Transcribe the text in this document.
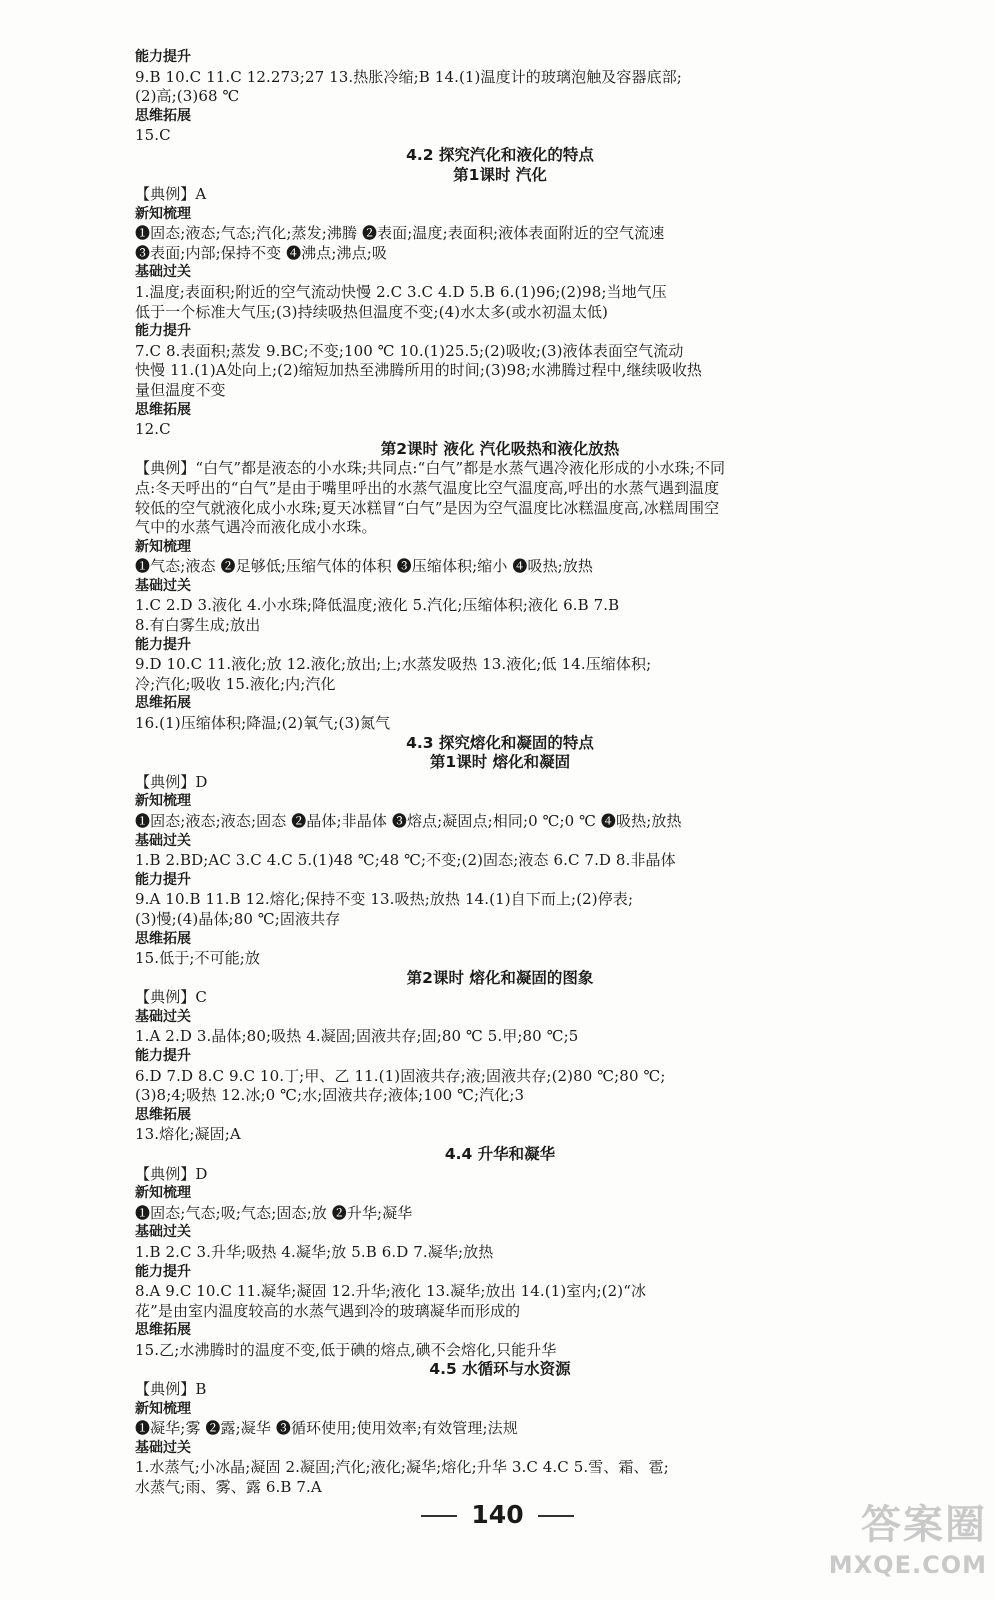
能力提升
9.B 10.C 11.C 12.273;27 13.热胀冷缩;B 14.(1)温度计的玻璃泡触及容器底部;
(2)高;(3)68 ℃
思维拓展
15.C
4.2 探究汽化和液化的特点
第1课时 汽化
【典例】A
新知梳理
❶固态;液态;气态;汽化;蒸发;沸腾 ❷表面;温度;表面积;液体表面附近的空气流速
❸表面;内部;保持不变 ❹沸点;沸点;吸
基础过关
1.温度;表面积;附近的空气流动快慢 2.C 3.C 4.D 5.B 6.(1)96;(2)98;当地气压
低于一个标准大气压;(3)持续吸热但温度不变;(4)水太多(或水初温太低)
能力提升
7.C 8.表面积;蒸发 9.BC;不变;100 ℃ 10.(1)25.5;(2)吸收;(3)液体表面空气流动
快慢 11.(1)A处向上;(2)缩短加热至沸腾所用的时间;(3)98;水沸腾过程中,继续吸收热
量但温度不变
思维拓展
12.C
第2课时 液化 汽化吸热和液化放热
【典例】“白气”都是液态的小水珠;共同点:“白气”都是水蒸气遇冷液化形成的小水珠;不同
点:冬天呼出的“白气”是由于嘴里呼出的水蒸气温度比空气温度高,呼出的水蒸气遇到温度
较低的空气就液化成小水珠;夏天冰糕冒“白气”是因为空气温度比冰糕温度高,冰糕周围空
气中的水蒸气遇冷而液化成小水珠。
新知梳理
❶气态;液态 ❷足够低;压缩气体的体积 ❸压缩体积;缩小 ❹吸热;放热
基础过关
1.C 2.D 3.液化 4.小水珠;降低温度;液化 5.汽化;压缩体积;液化 6.B 7.B
8.有白雾生成;放出
能力提升
9.D 10.C 11.液化;放 12.液化;放出;上;水蒸发吸热 13.液化;低 14.压缩体积;
冷;汽化;吸收 15.液化;内;汽化
思维拓展
16.(1)压缩体积;降温;(2)氧气;(3)氮气
4.3 探究熔化和凝固的特点
第1课时 熔化和凝固
【典例】D
新知梳理
❶固态;液态;液态;固态 ❷晶体;非晶体 ❸熔点;凝固点;相同;0 ℃;0 ℃ ❹吸热;放热
基础过关
1.B 2.BD;AC 3.C 4.C 5.(1)48 ℃;48 ℃;不变;(2)固态;液态 6.C 7.D 8.非晶体
能力提升
9.A 10.B 11.B 12.熔化;保持不变 13.吸热;放热 14.(1)自下而上;(2)停表;
(3)慢;(4)晶体;80 ℃;固液共存
思维拓展
15.低于;不可能;放
第2课时 熔化和凝固的图象
【典例】C
基础过关
1.A 2.D 3.晶体;80;吸热 4.凝固;固液共存;固;80 ℃ 5.甲;80 ℃;5
能力提升
6.D 7.D 8.C 9.C 10.丁;甲、乙 11.(1)固液共存;液;固液共存;(2)80 ℃;80 ℃;
(3)8;4;吸热 12.冰;0 ℃;水;固液共存;液体;100 ℃;汽化;3
思维拓展
13.熔化;凝固;A
4.4 升华和凝华
【典例】D
新知梳理
❶固态;气态;吸;气态;固态;放 ❷升华;凝华
基础过关
1.B 2.C 3.升华;吸热 4.凝华;放 5.B 6.D 7.凝华;放热
能力提升
8.A 9.C 10.C 11.凝华;凝固 12.升华;液化 13.凝华;放出 14.(1)室内;(2)“冰
花”是由室内温度较高的水蒸气遇到冷的玻璃凝华而形成的
思维拓展
15.乙;水沸腾时的温度不变,低于碘的熔点,碘不会熔化,只能升华
4.5 水循环与水资源
【典例】B
新知梳理
❶凝华;雾 ❷露;凝华 ❸循环使用;使用效率;有效管理;法规
基础过关
1.水蒸气;小冰晶;凝固 2.凝固;汽化;液化;凝华;熔化;升华 3.C 4.C 5.雪、霜、雹;
水蒸气;雨、雾、露 6.B 7.A
140	答案圈
MXQE.COM
